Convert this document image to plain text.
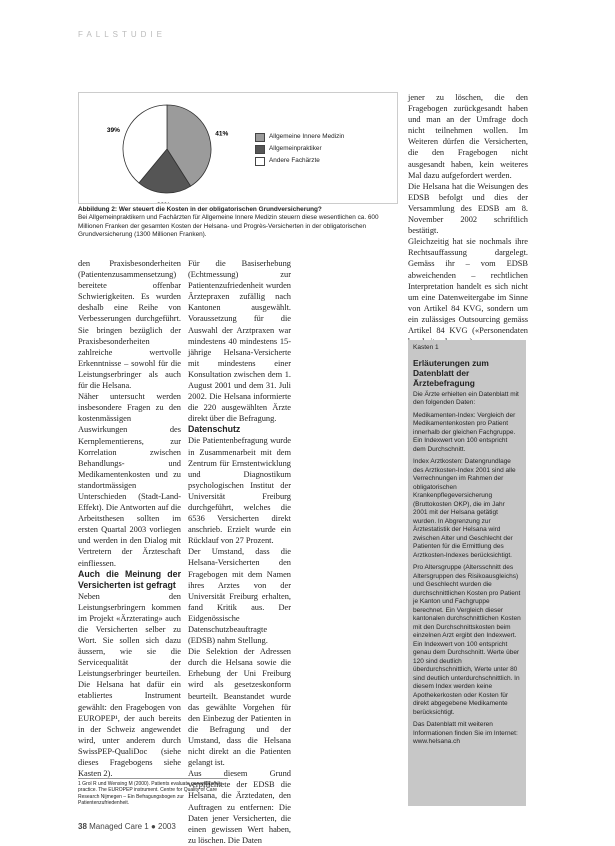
FALLSTUDIE
41%
39%
Allgemeine Innere Medizin
Allgemeinpraktiker
Andere Fachärzte
Abbildung 2: Wer steuert die Kosten in der obligatorischen Grundversicherung?
Bei Allgemeinpraktikern und Fachärzten für Allgemeine Innere Medizin steuern diese wesentlichen ca. 600 Millionen Franken der gesamten Kosten der Helsana- und Progrès-Versicherten in der obligatorischen Grundversicherung (1300 Millionen Franken).

den Praxisbesonderheiten (Patientenzusammensetzung) bereitete offenbar Schwierigkeiten. Es wurden deshalb eine Reihe von Verbesserungen durchgeführt. Sie bringen bezüglich der Praxisbesonderheiten zahlreiche wertvolle Erkenntnisse – sowohl für die Leistungserbringer als auch für die Helsana.

Näher untersucht werden insbesondere Fragen zu den kostenmässigen Auswirkungen des Kernplementierens, zur Korrelation zwischen Behandlungs- und Medikamentenkosten und zu standortmässigen Unterschieden (Stadt-Land-Effekt). Die Antworten auf die Arbeitsthesen sollten im ersten Quartal 2003 vorliegen und werden in den Dialog mit Vertretern der Ärzteschaft einfliessen.

Auch die Meinung der Versicherten ist gefragt

Neben den Leistungserbringern kommen im Projekt «Ärzterating» auch die Versicherten selber zu Wort. Sie sollen sich dazu äussern, wie sie die Servicequalität der Leistungserbringer beurteilen. Die Helsana hat dafür ein etabliertes Instrument gewählt: den Fragebogen von EUROPEP¹, der auch bereits in der Schweiz angewendet wird, unter anderem durch SwissPEP-QualiDoc (siehe dieses Fragebogens siehe Kasten 2).

Für die Basiserhebung (Echtmessung) zur Patientenzufriedenheit wurden Ärztepraxen zufällig nach Kantonen ausgewählt. Voraussetzung für die Auswahl der Arztpraxen war mindestens 40 mindestens 15-jährige Helsana-Versicherte mit mindestens einer Konsultation zwischen dem 1. August 2001 und dem 31. Juli 2002. Die Helsana informierte die 220 ausgewählten Ärzte direkt über die Befragung.

Datenschutz

Die Patientenbefragung wurde in Zusammenarbeit mit dem Zentrum für Ernstentwicklung und Diagnostikum psychologischen Institut der Universität Freiburg durchgeführt, welches die 6536 Versicherten direkt anschrieb. Erzielt wurde ein Rücklauf von 27 Prozent.

Der Umstand, dass die Helsana-Versicherten den Fragebogen mit dem Namen ihres Arztes von der Universität Freiburg erhalten, fand Kritik aus. Der Eidgenössische Datenschutzbeauftragte (EDSB) nahm Stellung.

Die Selektion der Adressen durch die Helsana sowie die Erhebung der Uni Freiburg wird als gesetzeskonform beurteilt. Beanstandet wurde das gewählte Vorgehen für den Einbezug der Patienten in die Befragung und der Umstand, dass die Helsana nicht direkt an die Patienten gelangt ist.

Aus diesem Grund verpflichtete der EDSB die Helsana, die Ärztedaten, den Auftragen zu entfernen: Die Daten jener Versicherten, die einen gewissen Wert haben, zu löschen. Die Daten

jener zu löschen, die den Fragebogen zurückgesandt haben und man an der Umfrage doch nicht teilnehmen wollen. Im Weiteren dürfen die Versicherten, die den Fragebogen nicht ausgesandt haben, kein weiteres Mal dazu aufgefordert werden.

Die Helsana hat die Weisungen des EDSB befolgt und dies der Versammlung des EDSB am 8. November 2002 schriftlich bestätigt.

Gleichzeitig hat sie nochmals ihre Rechtsauffassung dargelegt. Gemäss ihr – vom EDSB abweichenden – rechtlichen Interpretation handelt es sich nicht um eine Datenweitergabe im Sinne von Artikel 84 KVG, sondern um ein zulässiges Outsourcing gemäss Artikel 84 KVG («Personendaten

Kasten 1
Erläuterungen zum Datenblatt der Ärztebefragung

Die Ärzte erhielten ein Datenblatt mit den folgenden Daten:

Medikamenten-Index: Vergleich der Medikamentenkosten pro Patient innerhalb der gleichen Fachgruppe. Ein Indexwert von 100 entspricht dem Durchschnitt.

Index Arztkosten: Datengrundlage des Arztkosten-Index 2001 sind alle Verrechnungen im Rahmen der obligatorischen Krankenpflegeversicherung (Bruttokosten OKP), die im Jahr 2001 mit der Helsana getätigt wurden. In Abgrenzung zur Ärztestatistik der Helsana wird zwischen Alter und Geschlecht der Patienten für die Ermittlung des Arztkosten-Indexes berücksichtigt.

Pro Altersgruppe (Altersschnitt des Altersgruppen des Risikoausgleichs) und Geschlecht wurden die durchschnittlichen Kosten pro Patient je Kanton und Fachgruppe berechnet. Ein Vergleich dieser kantonalen durchschnittlichen Kosten mit den Durchschnittskosten beim einzelnen Arzt ergibt den Indexwert. Ein Indexwert von 100 entspricht genau dem Durchschnitt. Werte über 120 sind deutlich überdurchschnittlich, Werte unter 80 sind deutlich unterdurchschnittlich. In diesem Index werden keine Apothekerkosten oder Kosten für direkt abgegebene Medikamente berücksichtigt.

Das Datenblatt mit weiteren Informationen finden Sie im Internet: www.helsana.ch

1 Grol R und Wensing M (2000). Patients evaluate general/family practice. The EUROPEP instrument. Centre for Quality of Care Research Nijmegen – Ein Befragungsbogen zur Patientenzufriedenheit.
38 Managed Care 1 ● 2003
